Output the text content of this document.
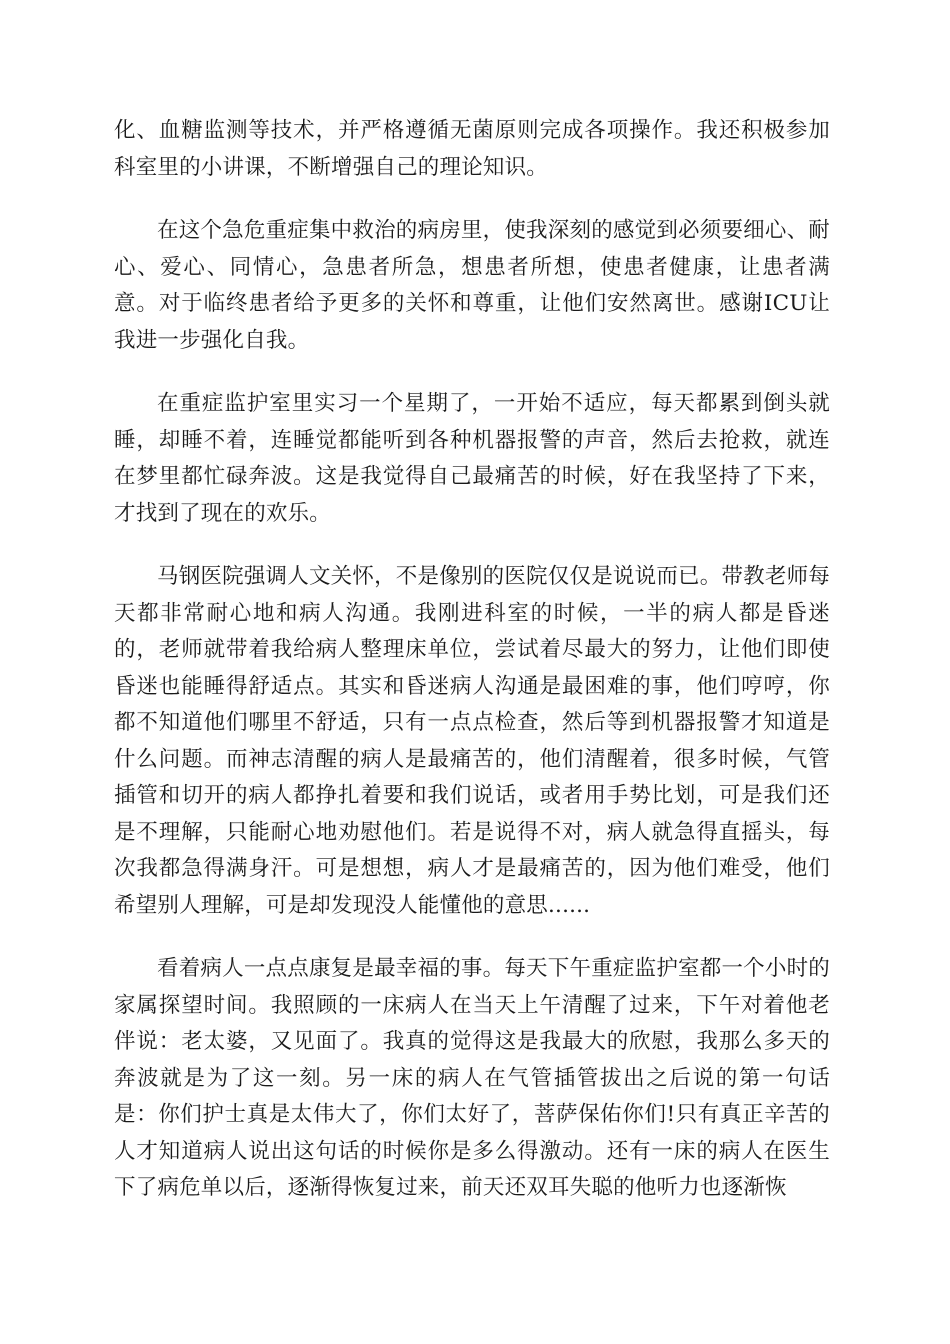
化、血糖监测等技术，并严格遵循无菌原则完成各项操作。我还积极参加科室里的小讲课，不断增强自己的理论知识。

在这个急危重症集中救治的病房里，使我深刻的感觉到必须要细心、耐心、爱心、同情心，急患者所急，想患者所想，使患者健康，让患者满意。对于临终患者给予更多的关怀和尊重，让他们安然离世。感谢ICU让我进一步强化自我。

在重症监护室里实习一个星期了，一开始不适应，每天都累到倒头就睡，却睡不着，连睡觉都能听到各种机器报警的声音，然后去抢救，就连在梦里都忙碌奔波。这是我觉得自己最痛苦的时候，好在我坚持了下来，才找到了现在的欢乐。

马钢医院强调人文关怀，不是像别的医院仅仅是说说而已。带教老师每天都非常耐心地和病人沟通。我刚进科室的时候，一半的病人都是昏迷的，老师就带着我给病人整理床单位，尝试着尽最大的努力，让他们即使昏迷也能睡得舒适点。其实和昏迷病人沟通是最困难的事，他们哼哼，你都不知道他们哪里不舒适，只有一点点检查，然后等到机器报警才知道是什么问题。而神志清醒的病人是最痛苦的，他们清醒着，很多时候，气管插管和切开的病人都挣扎着要和我们说话，或者用手势比划，可是我们还是不理解，只能耐心地劝慰他们。若是说得不对，病人就急得直摇头，每次我都急得满身汗。可是想想，病人才是最痛苦的，因为他们难受，他们希望别人理解，可是却发现没人能懂他的意思......

看着病人一点点康复是最幸福的事。每天下午重症监护室都一个小时的家属探望时间。我照顾的一床病人在当天上午清醒了过来，下午对着他老伴说：老太婆，又见面了。我真的觉得这是我最大的欣慰，我那么多天的奔波就是为了这一刻。另一床的病人在气管插管拔出之后说的第一句话是：你们护士真是太伟大了，你们太好了，菩萨保佑你们!只有真正辛苦的人才知道病人说出这句话的时候你是多么得激动。还有一床的病人在医生下了病危单以后，逐渐得恢复过来，前天还双耳失聪的他听力也逐渐恢
